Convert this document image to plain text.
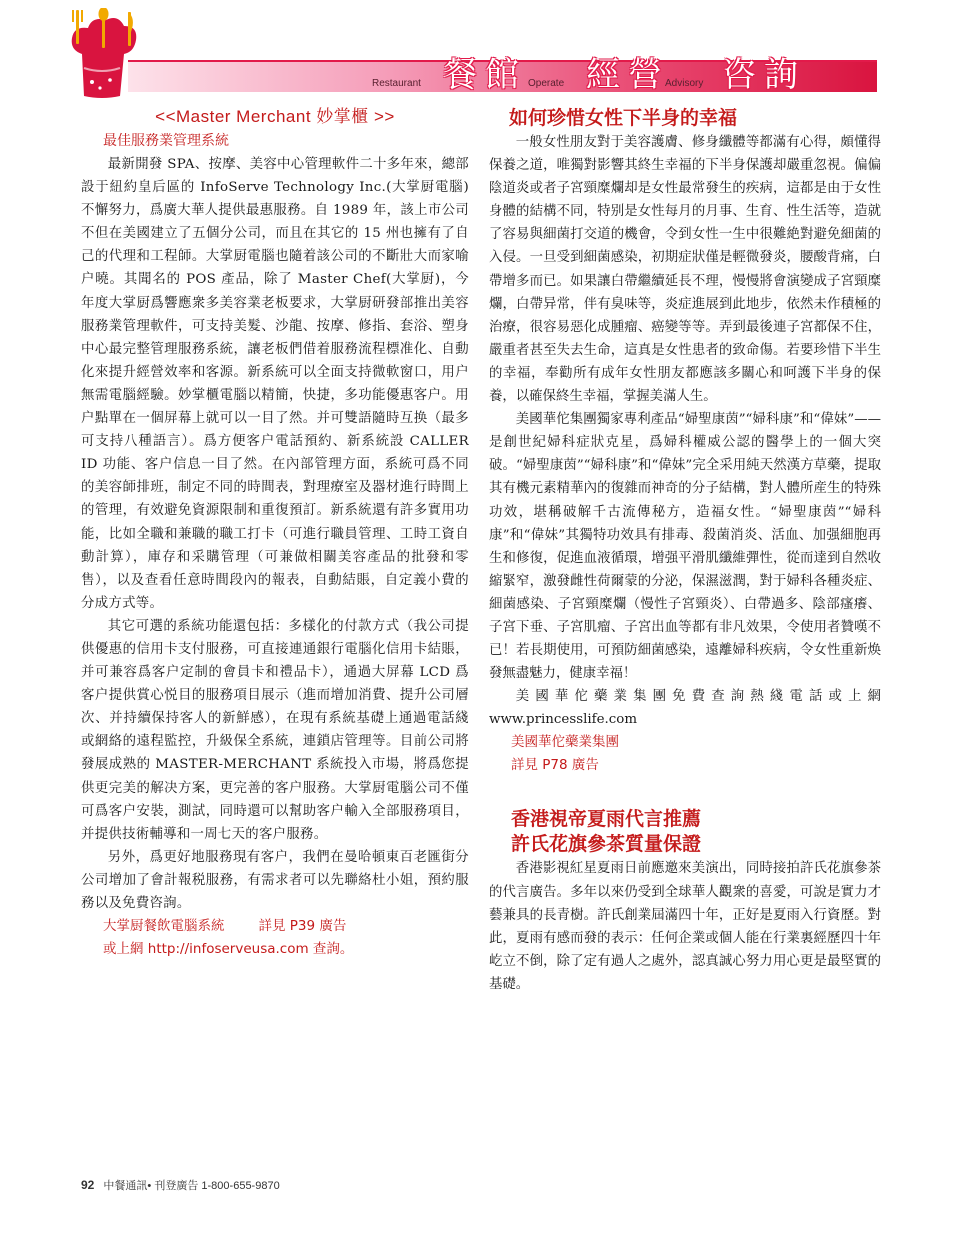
Restaurant 餐館 Operate 經營
Advisory 咨詢
<<Master Merchant 妙掌櫃 >>
最佳服務業管理系統

最新開發 SPA、按摩、美容中心管理軟件二十多年來，總部設于紐約皇后區的 InfoServe Technology Inc.(大掌厨電腦)不懈努力，爲廣大華人提供最惠服務。自 1989 年，該上市公司不但在美國建立了五個分公司，而且在其它的 15 州也擁有了自己的代理和工程師。大掌厨電腦也隨着該公司的不斷壯大而家喻户曉。其聞名的 POS 產品，除了 Master Chef(大掌厨)，今年度大掌厨爲響應衆多美容業老板要求，大掌厨研發部推出美容服務業管理軟件，可支持美髮、沙龍、按摩、修指、套浴、塑身中心最完整管理服務系統，讓老板們借着服務流程標准化、自動化來提升經營效率和客源。新系統可以全面支持微軟窗口，用户無需電腦經驗。妙掌櫃電腦以精簡，快捷，多功能優惠客户。用户點單在一個屏幕上就可以一目了然。并可雙語隨時互换（最多可支持八種語言）。爲方便客户電話預約、新系統設 CALLER ID 功能、客户信息一目了然。在內部管理方面，系統可爲不同的美容師排班，制定不同的時間表，對理療室及器材進行時間上的管理，有效避免資源限制和重復預訂。新系統還有許多實用功能，比如全職和兼職的職工打卡（可進行職員管理、工時工資自動計算），庫存和采購管理（可兼做相關美容產品的批發和零售），以及查看任意時間段內的報表，自動結賬，自定義小費的分成方式等。

其它可選的系統功能還包括：多樣化的付款方式（我公司提供優惠的信用卡支付服務，可直接連通銀行電腦化信用卡結賬，并可兼容爲客户定制的會員卡和禮品卡），通過大屏幕 LCD 爲客户提供賞心悦目的服務項目展示（進而增加消費、提升公司層次、并持續保持客人的新鮮感），在現有系統基礎上通過電話綫或網絡的遠程監控，升級保全系統，連鎖店管理等。目前公司將發展成熟的 MASTER-MERCHANT 系統投入市場，將爲您提供更完美的解决方案，更完善的客户服務。大掌厨電腦公司不僅可爲客户安裝，測試，同時還可以幫助客户輸入全部服務項目，并提供技術輔導和一周七天的客户服務。

另外，爲更好地服務現有客户，我們在曼哈頓東百老匯街分公司增加了會計報税服務，有需求者可以先聯絡杜小姐，預約服務以及免費咨詢。

大掌厨餐飲電腦系統	詳見 P39 廣告
或上網 http://infoserveusa.com 查詢。
如何珍惜女性下半身的幸福

一般女性朋友對于美容護膚、修身纖體等都滿有心得，頗懂得保養之道，唯獨對影響其終生幸福的下半身保護却嚴重忽視。偏偏陰道炎或者子宮頸糜爛却是女性最常發生的疾病，這都是由于女性身體的結構不同，特别是女性每月的月事、生育、性生活等，造就了容易與細菌打交道的機會，令到女性一生中很難絶對避免細菌的入侵。一旦受到細菌感染，初期症狀僅是輕微發炎，腰酸背痛，白帶增多而已。如果讓白帶繼續延長不理，慢慢將會演變成子宮頸糜爛，白帶异常，伴有臭味等，炎症進展到此地步，依然未作積極的治療，很容易惡化成腫瘤、癌變等等。弄到最後連子宮都保不住，嚴重者甚至失去生命，這真是女性患者的致命傷。若要珍惜下半生的幸福，奉勸所有成年女性朋友都應該多關心和呵護下半身的保養，以確保終生幸福，掌握美滿人生。

美國華佗集團獨家專利產品“婦聖康茵”“婦科康”和“偉妹”—— 是創世紀婦科症狀克星，爲婦科權威公認的醫學上的一個大突破。“婦聖康茵”“婦科康”和“偉妹”完全采用純天然漢方草藥，提取其有機元素精華內的復雜而神奇的分子結構，對人體所産生的特殊功效，堪稱破解千古流傳秘方，造福女性。“婦聖康茵”“婦科康”和“偉妹”其獨特功效具有排毒、殺菌消炎、活血、加强細胞再生和修復，促進血液循環，增强平滑肌纖維彈性，從而達到自然收縮緊窄，激發雌性荷爾蒙的分泌，保濕滋潤，對于婦科各種炎症、細菌感染、子宮頸糜爛（慢性子宮頸炎）、白帶過多、陰部瘙癢、子宮下垂、子宮肌瘤、子宮出血等都有非凡效果，令使用者贊嘆不已！若長期使用，可預防細菌感染，遠離婦科疾病，令女性重新焕發無盡魅力，健康幸福！

美國華佗藥業集團免費查詢熱綫電話或上網 www.princesslife.com

美國華佗藥業集團
詳見 P78 廣告
香港視帝夏雨代言推薦
許氏花旗參茶質量保證

香港影視紅星夏雨日前應邀來美演出，同時接拍許氏花旗參茶的代言廣告。多年以來仍受到全球華人觀衆的喜愛，可說是實力才藝兼具的長青樹。許氏創業屆滿四十年，正好是夏雨入行資歷。對此，夏雨有感而發的表示：任何企業或個人能在行業裏經歷四十年屹立不倒，除了定有過人之處外，認真誠心努力用心更是最堅實的基礎。

92 中餐通訊• 刊登廣告 1-800-655-9870
